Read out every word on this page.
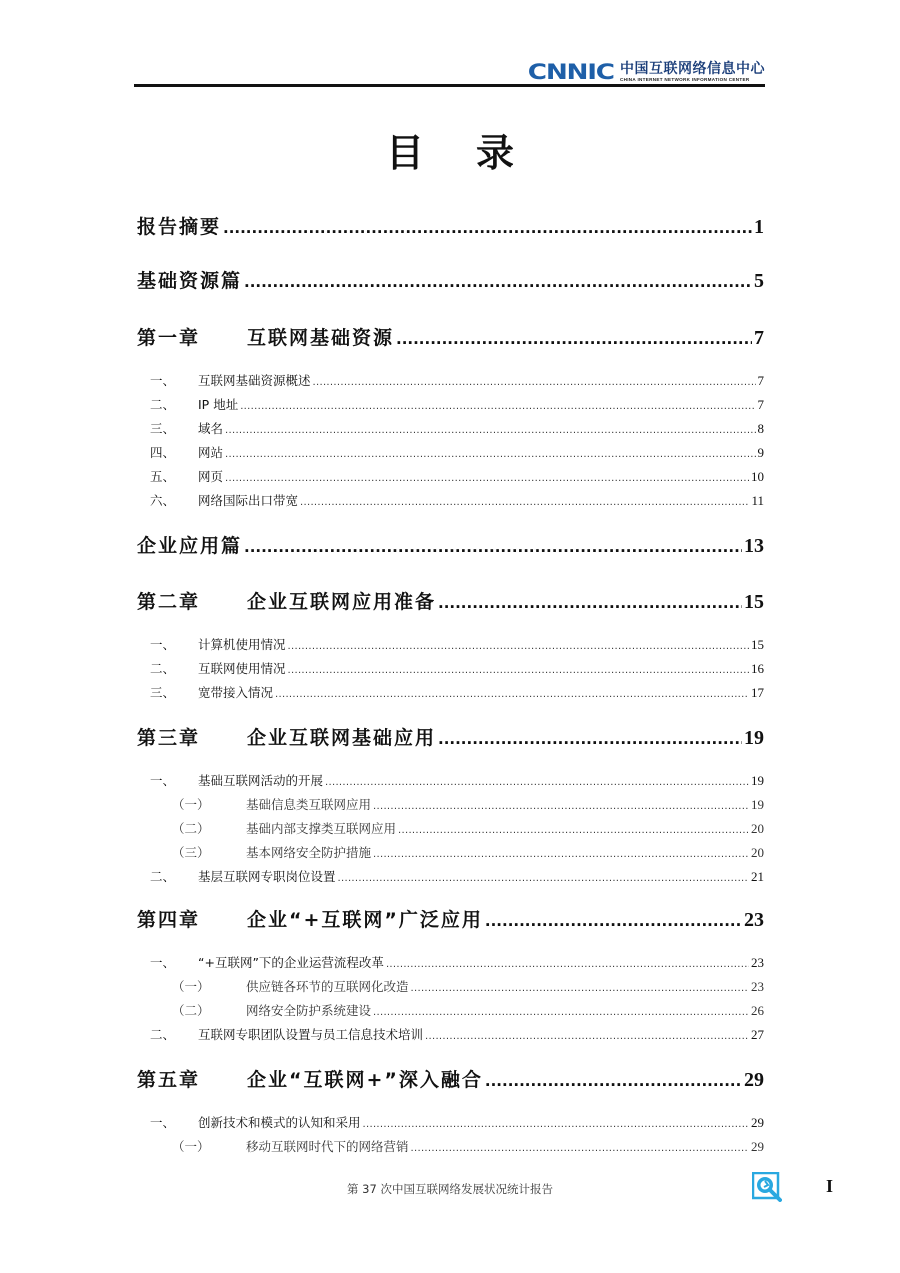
CNNIC 中国互联网络信息中心
CHINA INTERNET NETWORK INFORMATION CENTER
目录
报告摘要 .....	1
基础资源篇 .....	5
第一章	互联网基础资源 .....	7
一、	互联网基础资源概述 .....	7
二、	IP 地址 .....	7
三、	域名 .....	8
四、	网站 .....	9
五、	网页 .....	10
六、	网络国际出口带宽 .....	11
企业应用篇 .....	13
第二章	企业互联网应用准备 .....	15
一、	计算机使用情况 .....	15
二、	互联网使用情况 .....	16
三、	宽带接入情况 .....	17
第三章	企业互联网基础应用 .....	19
一、	基础互联网活动的开展 .....	19
（一）	基础信息类互联网应用 .....	19
（二）	基础内部支撑类互联网应用 .....	20
（三）	基本网络安全防护措施 .....	20
二、	基层互联网专职岗位设置 .....	21
第四章	企业“+互联网”广泛应用 .....	23
一、	“+互联网”下的企业运营流程改革 .....	23
（一）	供应链各环节的互联网化改造 .....	23
（二）	网络安全防护系统建设 .....	26
二、	互联网专职团队设置与员工信息技术培训 .....	27
第五章	企业“互联网+”深入融合 .....	29
一、	创新技术和模式的认知和采用 .....	29
（一）	移动互联网时代下的网络营销 .....	29
第 37 次中国互联网络发展状况统计报告	I
